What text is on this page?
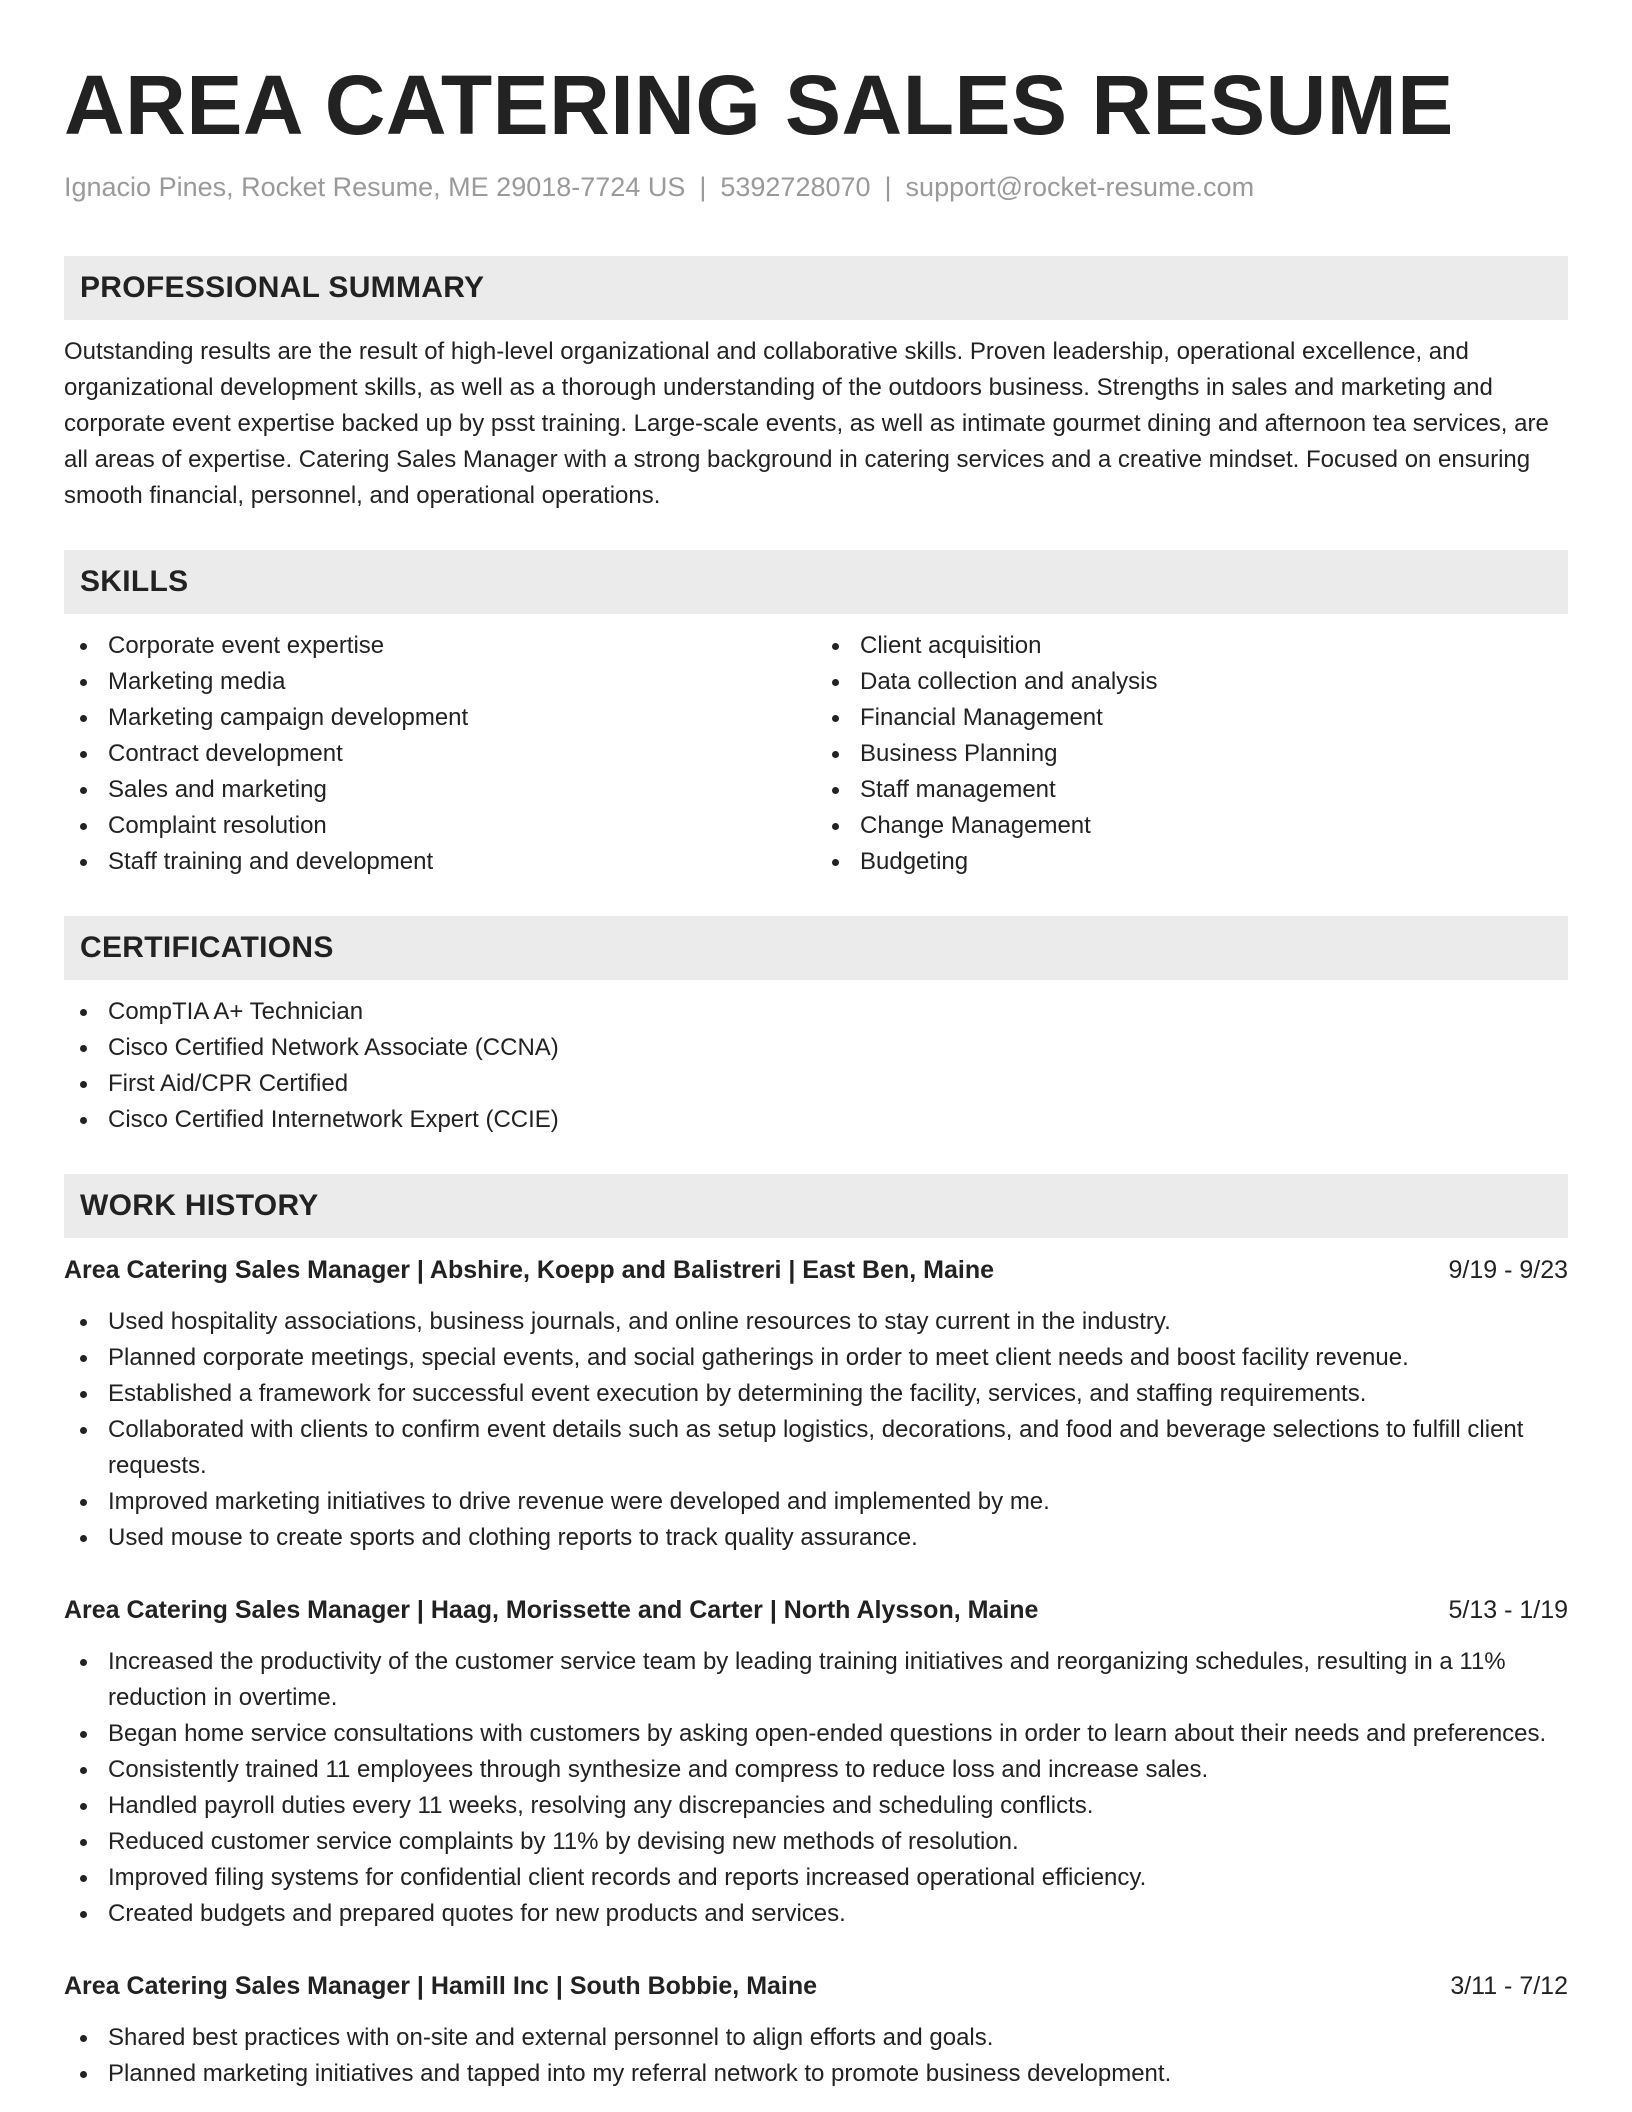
AREA CATERING SALES RESUME
Ignacio Pines, Rocket Resume, ME 29018-7724 US | 5392728070 | support@rocket-resume.com
PROFESSIONAL SUMMARY
Outstanding results are the result of high-level organizational and collaborative skills. Proven leadership, operational excellence, and organizational development skills, as well as a thorough understanding of the outdoors business. Strengths in sales and marketing and corporate event expertise backed up by psst training. Large-scale events, as well as intimate gourmet dining and afternoon tea services, are all areas of expertise. Catering Sales Manager with a strong background in catering services and a creative mindset. Focused on ensuring smooth financial, personnel, and operational operations.
SKILLS
Corporate event expertise
Marketing media
Marketing campaign development
Contract development
Sales and marketing
Complaint resolution
Staff training and development
Client acquisition
Data collection and analysis
Financial Management
Business Planning
Staff management
Change Management
Budgeting
CERTIFICATIONS
CompTIA A+ Technician
Cisco Certified Network Associate (CCNA)
First Aid/CPR Certified
Cisco Certified Internetwork Expert (CCIE)
WORK HISTORY
Area Catering Sales Manager | Abshire, Koepp and Balistreri | East Ben, Maine	9/19 - 9/23
Used hospitality associations, business journals, and online resources to stay current in the industry.
Planned corporate meetings, special events, and social gatherings in order to meet client needs and boost facility revenue.
Established a framework for successful event execution by determining the facility, services, and staffing requirements.
Collaborated with clients to confirm event details such as setup logistics, decorations, and food and beverage selections to fulfill client requests.
Improved marketing initiatives to drive revenue were developed and implemented by me.
Used mouse to create sports and clothing reports to track quality assurance.
Area Catering Sales Manager | Haag, Morissette and Carter | North Alysson, Maine	5/13 - 1/19
Increased the productivity of the customer service team by leading training initiatives and reorganizing schedules, resulting in a 11% reduction in overtime.
Began home service consultations with customers by asking open-ended questions in order to learn about their needs and preferences.
Consistently trained 11 employees through synthesize and compress to reduce loss and increase sales.
Handled payroll duties every 11 weeks, resolving any discrepancies and scheduling conflicts.
Reduced customer service complaints by 11% by devising new methods of resolution.
Improved filing systems for confidential client records and reports increased operational efficiency.
Created budgets and prepared quotes for new products and services.
Area Catering Sales Manager | Hamill Inc | South Bobbie, Maine	3/11 - 7/12
Shared best practices with on-site and external personnel to align efforts and goals.
Planned marketing initiatives and tapped into my referral network to promote business development.
